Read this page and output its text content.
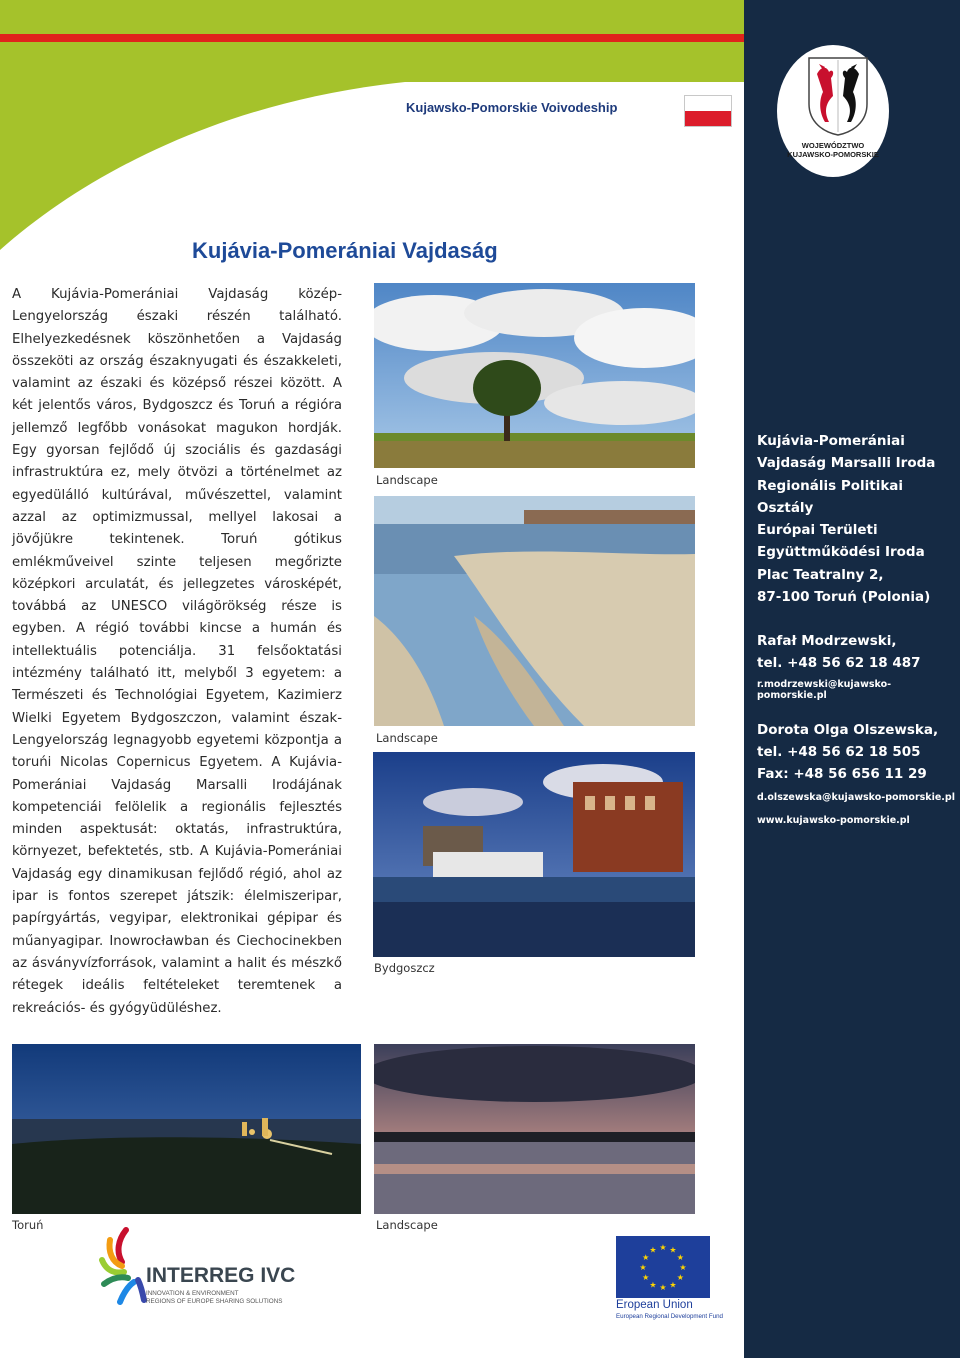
Kujawsko-Pomorskie Voivodeship
WOJEWÓDZTWO
KUJAWSKO-POMORSKIE
Kujávia-Pomerániai Vajdaság
A Kujávia-Pomerániai Vajdaság közép-Lengyelország északi részén található. Elhelyezkedésnek köszönhetően a Vajdaság összeköti az ország északnyugati és északkeleti, valamint az északi és középső részei között. A két jelentős város, Bydgoszcz és Toruń a régióra jellemző legfőbb vonásokat magukon hordják. Egy gyorsan fejlődő új szociális és gazdasági infrastruktúra ez, mely ötvözi a történelmet az egyedülálló kultúrával, művészettel, valamint azzal az optimizmussal, mellyel lakosai a jövőjükre tekintenek. Toruń gótikus emlékműveivel szinte teljesen megőrizte középkori arculatát, és jellegzetes városképét, továbbá az UNESCO világörökség része is egyben. A régió további kincse a humán és intellektuális potenciálja. 31 felsőoktatási intézmény található itt, melyből 3 egyetem: a Természeti és Technológiai Egyetem, Kazimierz Wielki Egyetem Bydgoszczon, valamint észak-Lengyelország legnagyobb egyetemi központja a toruńi Nicolas Copernicus Egyetem. A Kujávia-Pomerániai Vajdaság Marsalli Irodájának kompetenciái felölelik a regionális fejlesztés minden aspektusát: oktatás, infrastruktúra, környezet, befektetés, stb. A Kujávia-Pomerániai Vajdaság egy dinamikusan fejlődő régió, ahol az ipar is fontos szerepet játszik: élelmiszeripar, papírgyártás, vegyipar, elektronikai gépipar és műanyagipar. Inowrocławban és Ciechocinekben az ásványvízforrások, valamint a halit és mészkő rétegek ideális feltételeket teremtenek a rekreációs- és gyógyüdüléshez.
Landscape
Landscape
Bydgoszcz
Toruń	Landscape
Kujávia-Pomerániai
Vajdaság Marsalli Iroda
Regionális Politikai
Osztály
Európai Területi
Együttműködési Iroda
Plac Teatralny 2,
87-100 Toruń (Polonia)
Rafał Modrzewski,
tel. +48 56 62 18 487
r.modrzewski@kujawsko-pomorskie.pl
Dorota Olga Olszewska,
tel. +48 56 62 18 505
Fax: +48 56 656 11 29
d.olszewska@kujawsko-pomorskie.pl
www.kujawsko-pomorskie.pl
INTERREG IVC
INNOVATION & ENVIRONMENT
REGIONS OF EUROPE SHARING SOLUTIONS
★
★
★
★
★
★
★
★
★ ★ ★
★
Eropean Union
European Regional Development Fund
